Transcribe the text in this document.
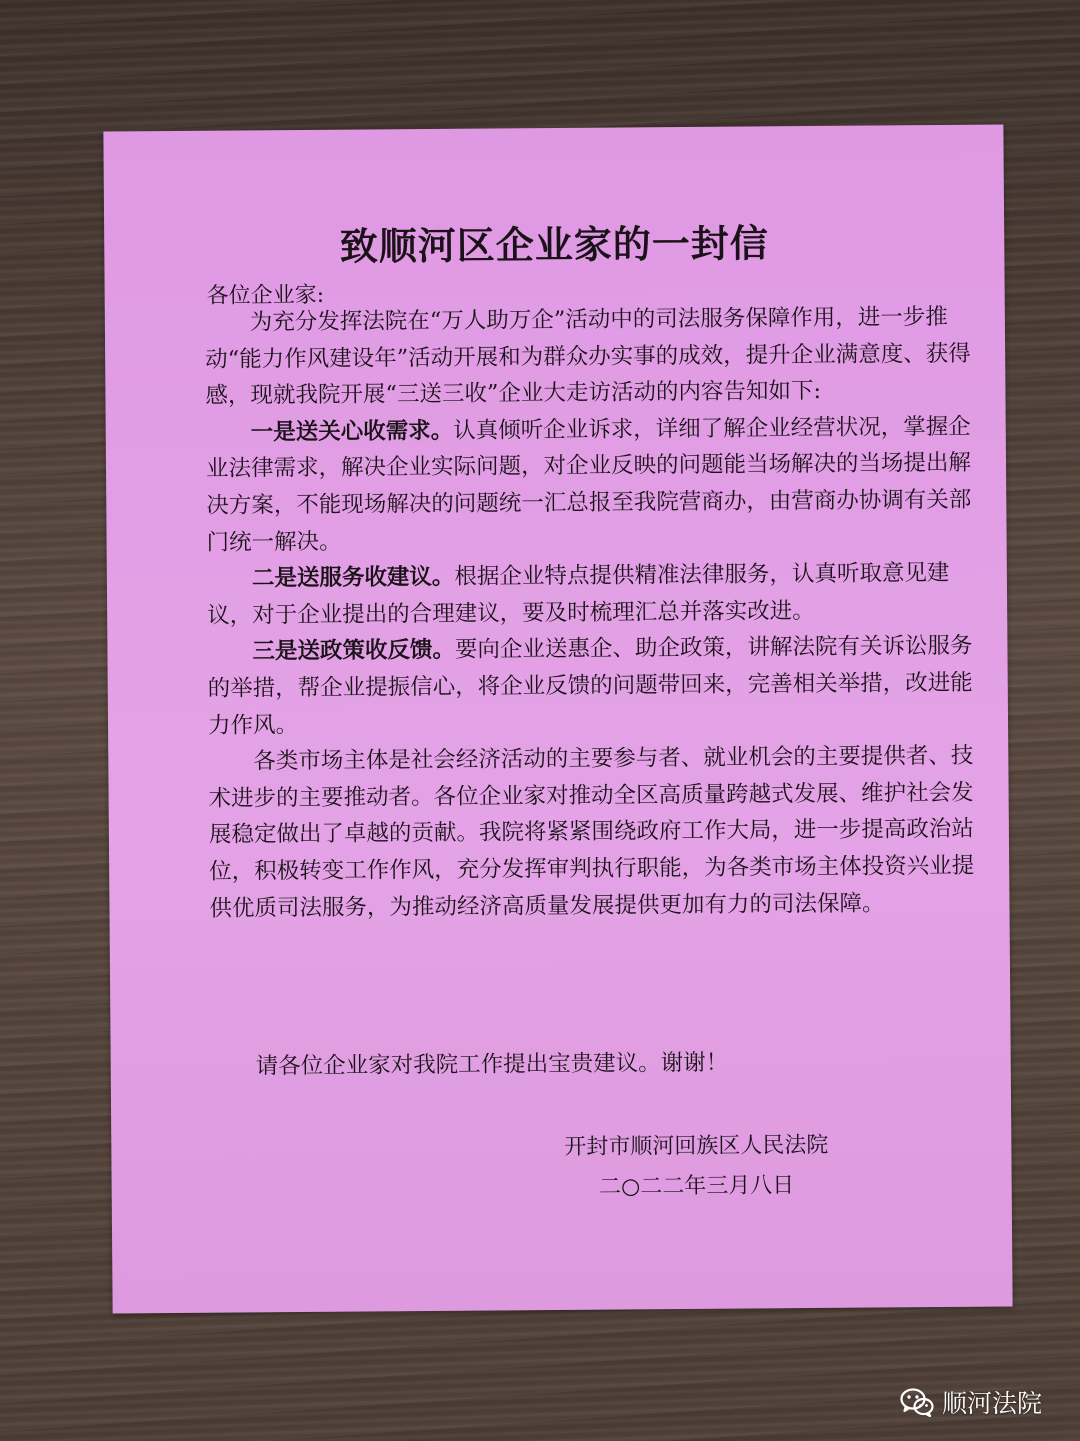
致顺河区企业家的一封信

各位企业家:

为充分发挥法院在“万人助万企”活动中的司法服务保障作用，进一步推动“能力作风建设年”活动开展和为群众办实事的成效，提升企业满意度、获得感，现就我院开展“三送三收”企业大走访活动的内容告知如下:

一是送关心收需求。认真倾听企业诉求，详细了解企业经营状况，掌握企业法律需求，解决企业实际问题，对企业反映的问题能当场解决的当场提出解决方案，不能现场解决的问题统一汇总报至我院营商办，由营商办协调有关部门统一解决。

二是送服务收建议。根据企业特点提供精准法律服务，认真听取意见建议，对于企业提出的合理建议，要及时梳理汇总并落实改进。

三是送政策收反馈。要向企业送惠企、助企政策，讲解法院有关诉讼服务的举措，帮企业提振信心，将企业反馈的问题带回来，完善相关举措，改进能力作风。

各类市场主体是社会经济活动的主要参与者、就业机会的主要提供者、技术进步的主要推动者。各位企业家对推动全区高质量跨越式发展、维护社会发展稳定做出了卓越的贡献。我院将紧紧围绕政府工作大局，进一步提高政治站位，积极转变工作作风，充分发挥审判执行职能，为各类市场主体投资兴业提供优质司法服务，为推动经济高质量发展提供更加有力的司法保障。

请各位企业家对我院工作提出宝贵建议。谢谢！

开封市顺河回族区人民法院
二○二二年三月八日
顺河法院
